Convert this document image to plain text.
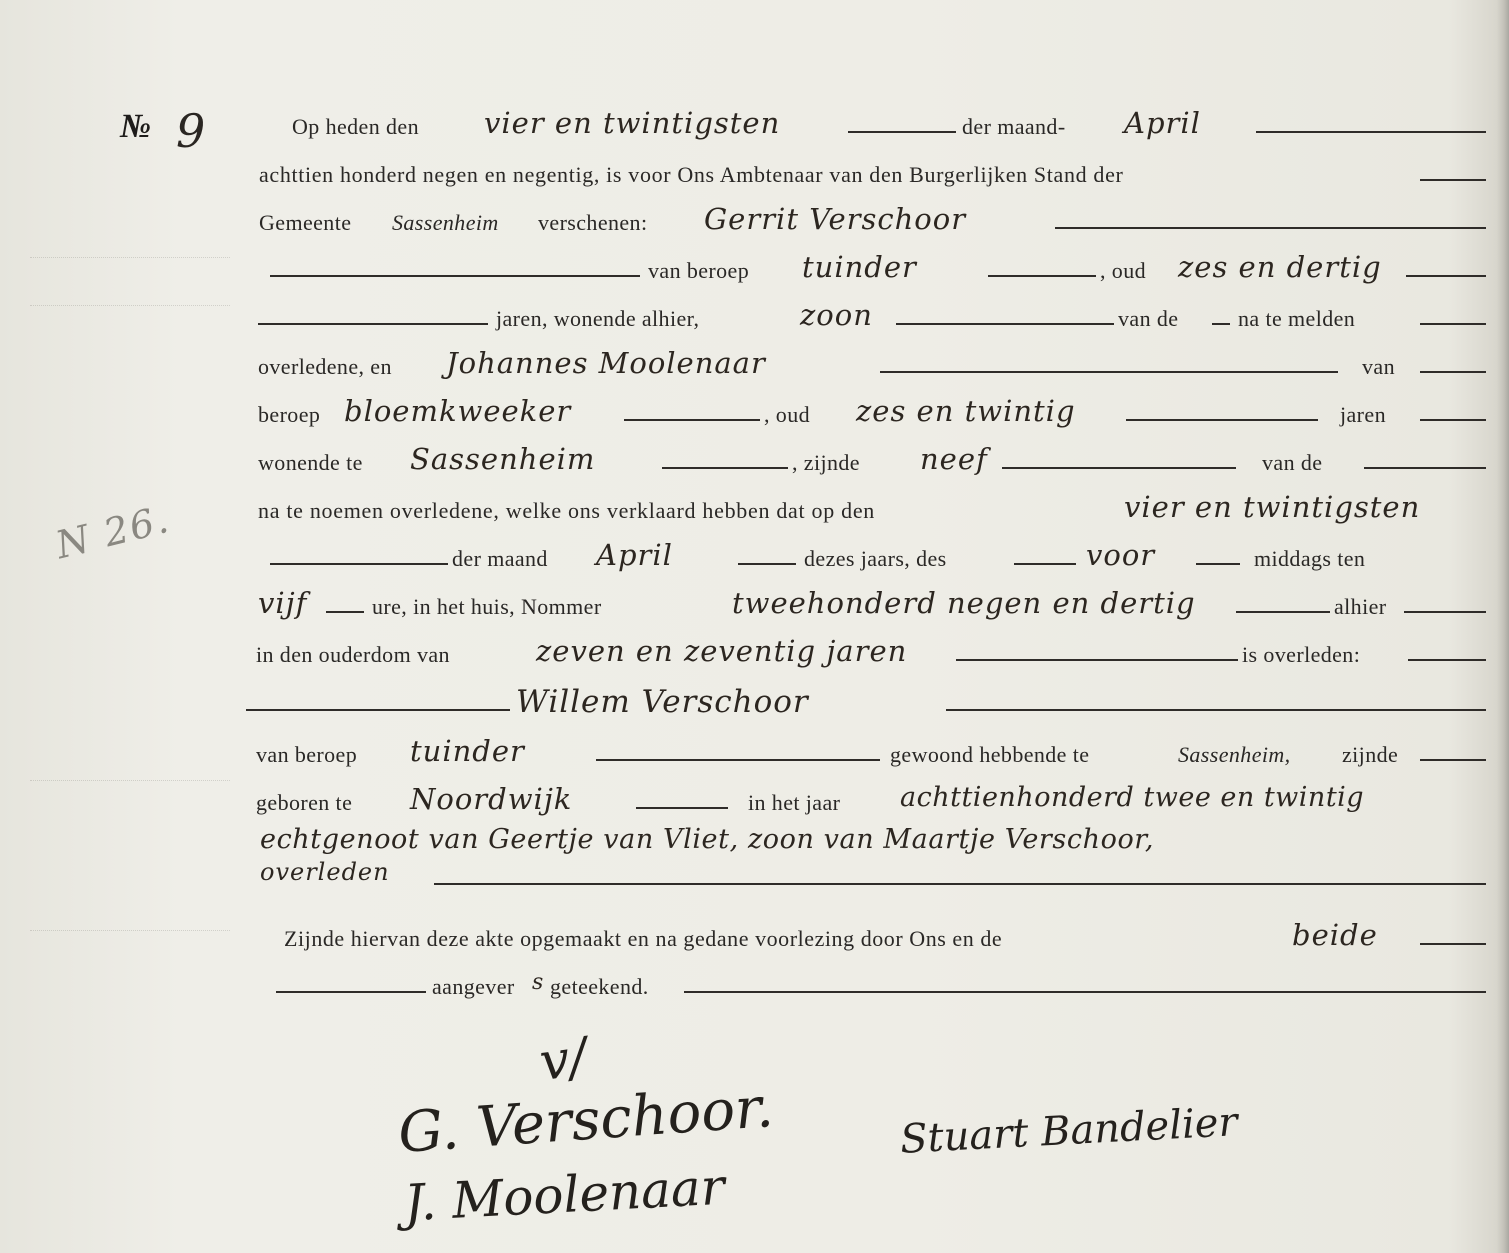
№ 9
N 26.
Op heden den vier en twintigsten	der maand- April
achttien honderd negen en negentig, is voor Ons Ambtenaar van den Burgerlijken Stand der
Gemeente Sassenheim verschenen: Gerrit Verschoor
van beroep tuinder	, oud zes en dertig
jaren, wonende alhier,	zoon	van de	na te melden
overledene, en Johannes Moolenaar	van
beroep bloemkweeker	, oud zes en twintig	jaren
wonende te Sassenheim	, zijnde neef	van de
na te noemen overledene, welke ons verklaard hebben dat op den	vier en twintigsten
der maand April	dezes jaars, des	voor	middags ten
vijf	ure, in het huis, Nommer	tweehonderd negen en dertig	alhier
in den ouderdom van	zeven en zeventig jaren	is overleden:
Willem Verschoor
van beroep tuinder	gewoond hebbende te	Sassenheim, zijnde
geboren te Noordwijk	in het jaar achttienhonderd twee en twintig
echtgenoot van Geertje van Vliet, zoon van Maartje Verschoor,
overleden
Zijnde hiervan deze akte opgemaakt en na gedane voorlezing door Ons en de	beide
aangever s geteekend.
v/
G. Verschoor.
J. Moolenaar
Stuart Bandelier
